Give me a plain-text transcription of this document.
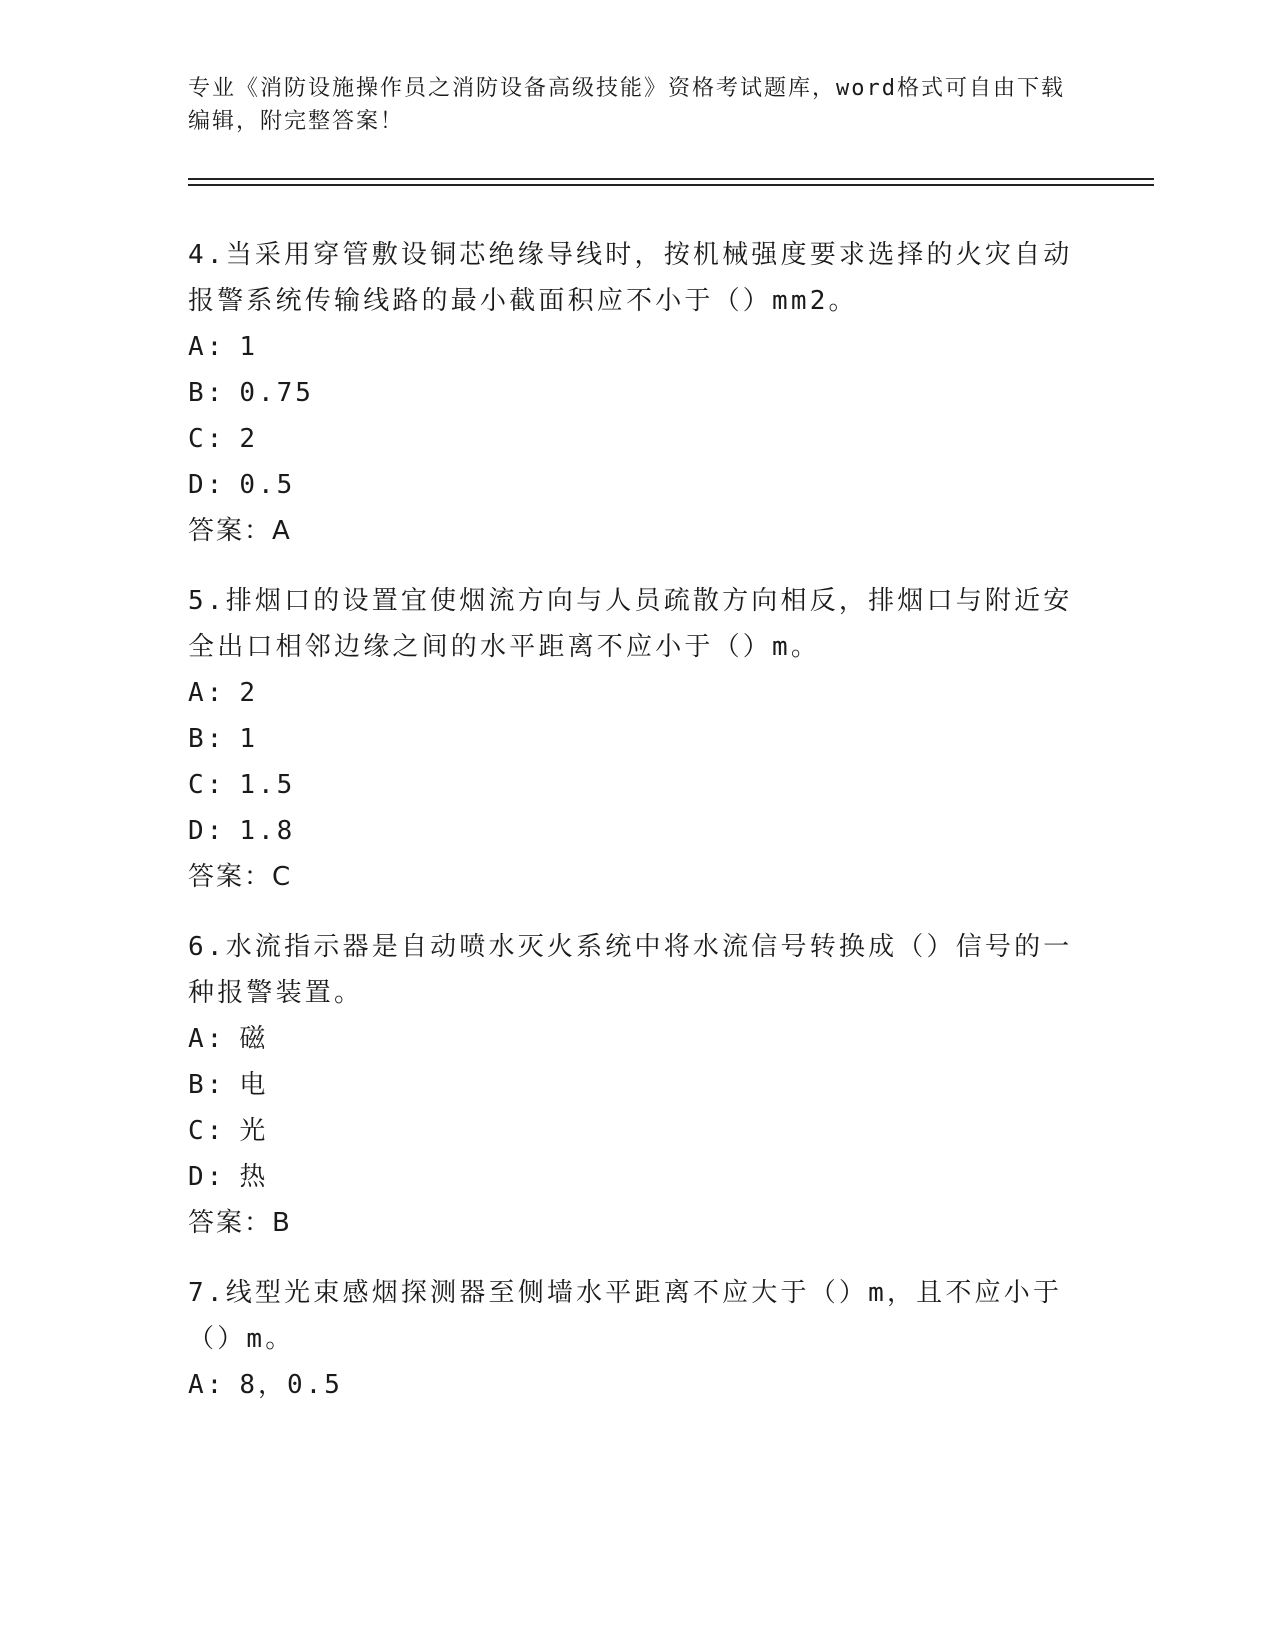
专业《消防设施操作员之消防设备高级技能》资格考试题库，word格式可自由下载编辑，附完整答案！

4.当采用穿管敷设铜芯绝缘导线时，按机械强度要求选择的火灾自动报警系统传输线路的最小截面积应不小于（）mm2。

A: 1

B: 0.75

C: 2

D: 0.5

答案：A

5.排烟口的设置宜使烟流方向与人员疏散方向相反，排烟口与附近安全出口相邻边缘之间的水平距离不应小于（）m。

A: 2

B: 1

C: 1.5

D: 1.8

答案：C

6.水流指示器是自动喷水灭火系统中将水流信号转换成（）信号的一种报警装置。

A: 磁

B: 电

C: 光

D: 热

答案：B

7.线型光束感烟探测器至侧墙水平距离不应大于（）m，且不应小于（）m。

A: 8，0.5
